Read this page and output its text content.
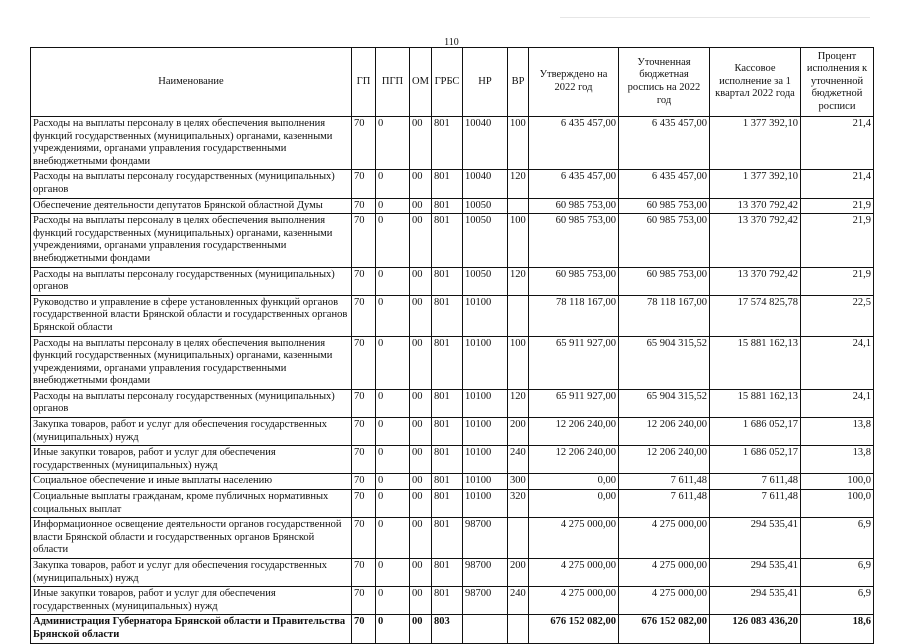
110
Наименование	ГП	ПГП	ОМ	ГРБС	НР	ВР	Утверждено на 2022 год	Уточненная бюджетная роспись на 2022 год	Кассовое исполнение за 1 квартал 2022 года	Процент исполнения к уточненной бюджетной росписи
Расходы на выплаты персоналу в целях обеспечения выполнения функций государственных (муниципальных) органами, казенными учреждениями, органами управления государственными внебюджетными фондами	70	0	00	801	10040	100	6 435 457,00	6 435 457,00	1 377 392,10	21,4
Расходы на выплаты персоналу государственных (муниципальных) органов	70	0	00	801	10040	120	6 435 457,00	6 435 457,00	1 377 392,10	21,4
Обеспечение деятельности депутатов Брянской областной Думы	70	0	00	801	10050		60 985 753,00	60 985 753,00	13 370 792,42	21,9
Расходы на выплаты персоналу в целях обеспечения выполнения функций государственных (муниципальных) органами, казенными учреждениями, органами управления государственными внебюджетными фондами	70	0	00	801	10050	100	60 985 753,00	60 985 753,00	13 370 792,42	21,9
Расходы на выплаты персоналу государственных (муниципальных) органов	70	0	00	801	10050	120	60 985 753,00	60 985 753,00	13 370 792,42	21,9
Руководство и управление в сфере установленных функций органов государственной власти Брянской области и государственных органов Брянской области	70	0	00	801	10100		78 118 167,00	78 118 167,00	17 574 825,78	22,5
Расходы на выплаты персоналу в целях обеспечения выполнения функций государственных (муниципальных) органами, казенными учреждениями, органами управления государственными внебюджетными фондами	70	0	00	801	10100	100	65 911 927,00	65 904 315,52	15 881 162,13	24,1
Расходы на выплаты персоналу государственных (муниципальных) органов	70	0	00	801	10100	120	65 911 927,00	65 904 315,52	15 881 162,13	24,1
Закупка товаров, работ и услуг для обеспечения государственных (муниципальных) нужд	70	0	00	801	10100	200	12 206 240,00	12 206 240,00	1 686 052,17	13,8
Иные закупки товаров, работ и услуг для обеспечения государственных (муниципальных) нужд	70	0	00	801	10100	240	12 206 240,00	12 206 240,00	1 686 052,17	13,8
Социальное обеспечение и иные выплаты населению	70	0	00	801	10100	300	0,00	7 611,48	7 611,48	100,0
Социальные выплаты гражданам, кроме публичных нормативных социальных выплат	70	0	00	801	10100	320	0,00	7 611,48	7 611,48	100,0
Информационное освещение деятельности органов государственной власти Брянской области и государственных органов Брянской области	70	0	00	801	98700		4 275 000,00	4 275 000,00	294 535,41	6,9
Закупка товаров, работ и услуг для обеспечения государственных (муниципальных) нужд	70	0	00	801	98700	200	4 275 000,00	4 275 000,00	294 535,41	6,9
Иные закупки товаров, работ и услуг для обеспечения государственных (муниципальных) нужд	70	0	00	801	98700	240	4 275 000,00	4 275 000,00	294 535,41	6,9
Администрация Губернатора Брянской области и Правительства Брянской области	70	0	00	803			676 152 082,00	676 152 082,00	126 083 436,20	18,6
